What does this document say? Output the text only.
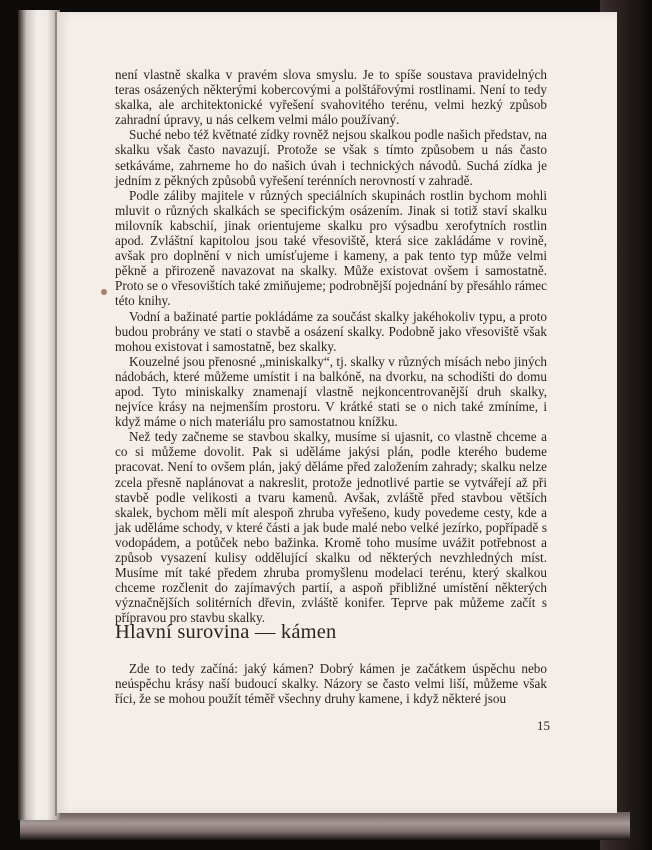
není vlastně skalka v pravém slova smyslu. Je to spíše soustava pravidelných teras osázených některými kobercovými a polštářovými rostlinami. Není to tedy skalka, ale architektonické vyřešení svahovitého terénu, velmi hezký způsob zahradní úpravy, u nás celkem velmi málo používaný.

Suché nebo též květnaté zídky rovněž nejsou skalkou podle našich představ, na skalku však často navazují. Protože se však s tímto způsobem u nás často setkáváme, zahrneme ho do našich úvah i technických návodů. Suchá zídka je jedním z pěkných způsobů vyřešení terénních nerovností v zahradě.

Podle záliby majitele v různých speciálních skupinách rostlin bychom mohli mluvit o různých skalkách se specifickým osázením. Jinak si totiž staví skalku milovník kabschií, jinak orientujeme skalku pro výsadbu xerofytních rostlin apod. Zvláštní kapitolou jsou také vřesoviště, která sice zakládáme v rovině, avšak pro doplnění v nich umísťujeme i kameny, a pak tento typ může velmi pěkně a přirozeně navazovat na skalky. Může existovat ovšem i samostatně. Proto se o vřesovištích také zmiňujeme; podrobnější pojednání by přesáhlo rámec této knihy.

Vodní a bažinaté partie pokládáme za součást skalky jakéhokoliv typu, a proto budou probrány ve stati o stavbě a osázení skalky. Podobně jako vřesoviště však mohou existovat i samostatně, bez skalky.

Kouzelné jsou přenosné „miniskalky“, tj. skalky v různých mísách nebo jiných nádobách, které můžeme umístit i na balkóně, na dvorku, na schodišti do domu apod. Tyto miniskalky znamenají vlastně nejkoncentrovanější druh skalky, nejvíce krásy na nejmenším prostoru. V krátké stati se o nich také zmíníme, i když máme o nich materiálu pro samostatnou knížku.

Než tedy začneme se stavbou skalky, musíme si ujasnit, co vlastně chceme a co si můžeme dovolit. Pak si uděláme jakýsi plán, podle kterého budeme pracovat. Není to ovšem plán, jaký děláme před založením zahrady; skalku nelze zcela přesně naplánovat a nakreslit, protože jednotlivé partie se vytvářejí až při stavbě podle velikosti a tvaru kamenů. Avšak, zvláště před stavbou větších skalek, bychom měli mít alespoň zhruba vyřešeno, kudy povedeme cesty, kde a jak uděláme schody, v které části a jak bude malé nebo velké jezírko, popřípadě s vodopádem, a potůček nebo bažinka. Kromě toho musíme uvážit potřebnost a způsob vysazení kulisy oddělující skalku od některých nevzhledných míst. Musíme mít také předem zhruba promyšlenu modelaci terénu, který skalkou chceme rozčlenit do zajímavých partií, a aspoň přibližné umístění některých význačnějších solitérních dřevin, zvláště konifer. Teprve pak můžeme začít s přípravou pro stavbu skalky.

Hlavní surovina — kámen

Zde to tedy začíná: jaký kámen? Dobrý kámen je začátkem úspěchu nebo neúspěchu krásy naší budoucí skalky. Názory se často velmi liší, můžeme však říci, že se mohou použít téměř všechny druhy kamene, i když některé jsou

15
